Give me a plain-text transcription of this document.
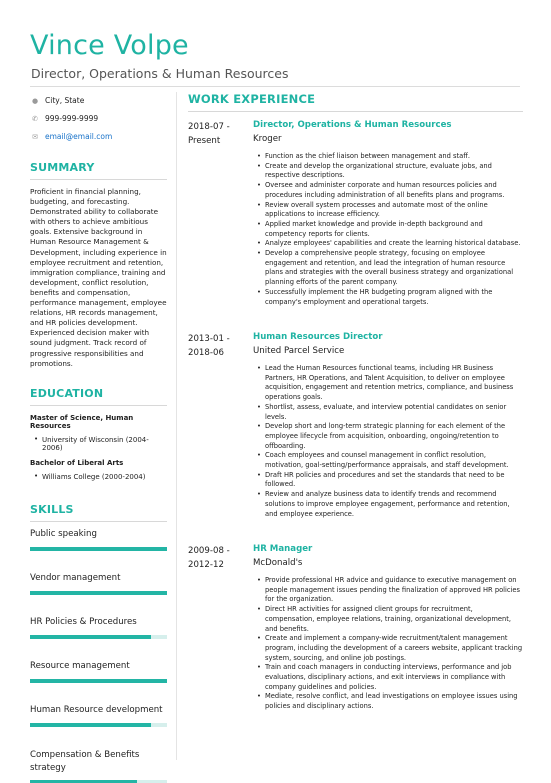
Vince Volpe
Director, Operations & Human Resources
● City, State
✆ 999-999-9999
✉ email@email.com
SUMMARY
Proficient in financial planning, budgeting, and forecasting. Demonstrated ability to collaborate with others to achieve ambitious goals. Extensive background in Human Resource Management & Development, including experience in employee recruitment and retention, immigration compliance, training and development, conflict resolution, benefits and compensation, performance management, employee relations, HR records management, and HR policies development. Experienced decision maker with sound judgment. Track record of progressive responsibilities and promotions.
EDUCATION
Master of Science, Human Resources
• University of Wisconsin (2004-2006)
Bachelor of Liberal Arts
• Williams College (2000-2004)
SKILLS
Public speaking
Vendor management
HR Policies & Procedures
Resource management
Human Resource development
Compensation & Benefits strategy
WORK EXPERIENCE
2018-07 -
Present
Director, Operations & Human Resources
Kroger
• Function as the chief liaison between management and staff.
• Create and develop the organizational structure, evaluate jobs, and respective descriptions.
• Oversee and administer corporate and human resources policies and procedures including administration of all benefits plans and programs.
• Review overall system processes and automate most of the online applications to increase efficiency.
• Applied market knowledge and provide in-depth background and competency reports for clients.
• Analyze employees' capabilities and create the learning historical database.
• Develop a comprehensive people strategy, focusing on employee engagement and retention, and lead the integration of human resource plans and strategies with the overall business strategy and organizational planning efforts of the parent company.
• Successfully implement the HR budgeting program aligned with the company's employment and operational targets.
2013-01 -
2018-06
Human Resources Director
United Parcel Service
• Lead the Human Resources functional teams, including HR Business Partners, HR Operations, and Talent Acquisition, to deliver on employee acquisition, engagement and retention metrics, compliance, and business operations goals.
• Shortlist, assess, evaluate, and interview potential candidates on senior levels.
• Develop short and long-term strategic planning for each element of the employee lifecycle from acquisition, onboarding, ongoing/retention to offboarding.
• Coach employees and counsel management in conflict resolution, motivation, goal-setting/performance appraisals, and staff development.
• Draft HR policies and procedures and set the standards that need to be followed.
• Review and analyze business data to identify trends and recommend solutions to improve employee engagement, performance and retention, and employee experience.
2009-08 -
2012-12
HR Manager
McDonald's
• Provide professional HR advice and guidance to executive management on people management issues pending the finalization of approved HR policies for the organization.
• Direct HR activities for assigned client groups for recruitment, compensation, employee relations, training, organizational development, and benefits.
• Create and implement a company-wide recruitment/talent management program, including the development of a careers website, applicant tracking system, sourcing, and online job postings.
• Train and coach managers in conducting interviews, performance and job evaluations, disciplinary actions, and exit interviews in compliance with company guidelines and policies.
• Mediate, resolve conflict, and lead investigations on employee issues using policies and disciplinary actions.
